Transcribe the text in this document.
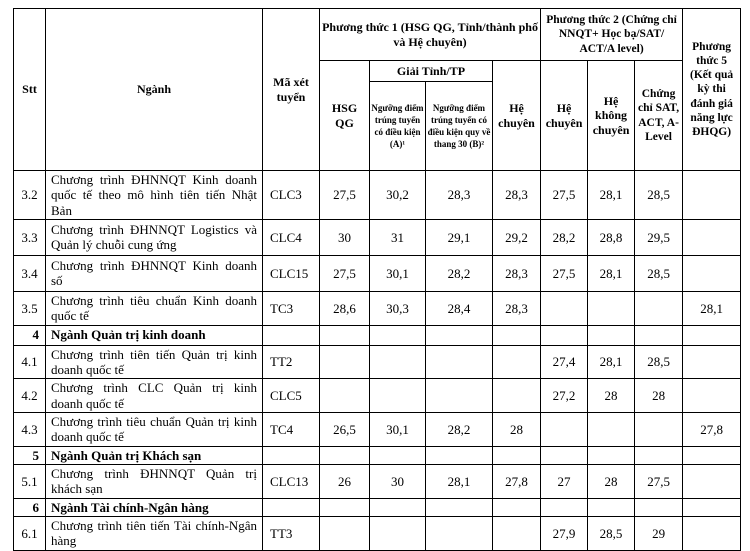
Stt	Ngành	Mã xét tuyển	Phương thức 1 (HSG QG, Tỉnh/thành phố và Hệ chuyên)				Phương thức 2 (Chứng chỉ NNQT+ Học bạ/SAT/ ACT/A level)			Phương thức 5 (Kết quả kỳ thi đánh giá năng lực ĐHQG)
			HSG QG	Giải Tỉnh/TP		Hệ chuyên	Hệ chuyên	Hệ không chuyên	Chứng chỉ SAT, ACT, A-Level	
				Ngưỡng điểm trúng tuyển có điều kiện (A)¹	Ngưỡng điểm trúng tuyển có điều kiện quy về thang 30 (B)²					
3.2	Chương trình ĐHNNQT Kinh doanh quốc tế theo mô hình tiên tiến Nhật Bản	CLC3	27,5	30,2	28,3	28,3	27,5	28,1	28,5	
3.3	Chương trình ĐHNNQT Logistics và Quản lý chuỗi cung ứng	CLC4	30	31	29,1	29,2	28,2	28,8	29,5	
3.4	Chương trình ĐHNNQT Kinh doanh số	CLC15	27,5	30,1	28,2	28,3	27,5	28,1	28,5	
3.5	Chương trình tiêu chuẩn Kinh doanh quốc tế	TC3	28,6	30,3	28,4	28,3				28,1
4	Ngành Quản trị kinh doanh									
4.1	Chương trình tiên tiến Quản trị kinh doanh quốc tế	TT2					27,4	28,1	28,5	
4.2	Chương trình CLC Quản trị kinh doanh quốc tế	CLC5					27,2	28	28	
4.3	Chương trình tiêu chuẩn Quản trị kinh doanh quốc tế	TC4	26,5	30,1	28,2	28				27,8
5	Ngành Quản trị Khách sạn									
5.1	Chương trình ĐHNNQT Quản trị khách sạn	CLC13	26	30	28,1	27,8	27	28	27,5	
6	Ngành Tài chính-Ngân hàng									
6.1	Chương trình tiên tiến Tài chính-Ngân hàng	TT3					27,9	28,5	29	
